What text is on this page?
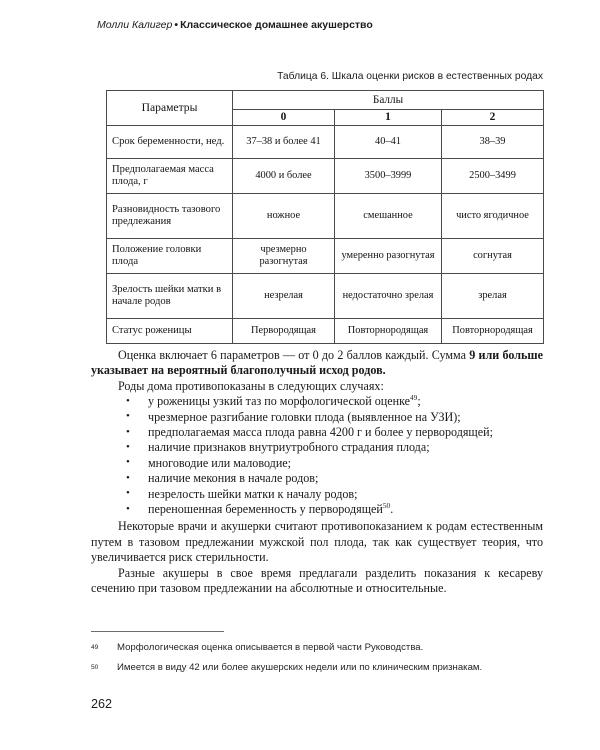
Молли Калигер • Классическое домашнее акушерство
Таблица 6. Шкала оценки рисков в естественных родах
Параметры	Баллы		
	0	1	2
Срок беременности, нед.	37–38 и более 41	40–41	38–39
Предполагаемая масса плода, г	4000 и более	3500–3999	2500–3499
Разновидность тазового предлежания	ножное	смешанное	чисто ягодичное
Положение головки плода	чрезмерно разогнутая	умеренно разогнутая	согнутая
Зрелость шейки матки в начале родов	незрелая	недостаточно зрелая	зрелая
Статус роженицы	Первородящая	Повторнородящая	Повторнородящая

Оценка включает 6 параметров — от 0 до 2 баллов каждый. Сумма 9 или больше указывает на вероятный благополучный исход родов.

Роды дома противопоказаны в следующих случаях:

• у роженицы узкий таз по морфологической оценке$^{49}$;
• чрезмерное разгибание головки плода (выявленное на УЗИ);
• предполагаемая масса плода равна 4200 г и более у первородящей;
• наличие признаков внутриутробного страдания плода;
• многоводие или маловодие;
• наличие мекония в начале родов;
• незрелость шейки матки к началу родов;
• переношенная беременность у первородящей$^{50}$.

Некоторые врачи и акушерки считают противопоказанием к родам естественным путем в тазовом предлежании мужской пол плода, так как существует теория, что увеличивается риск стерильности.

Разные акушеры в свое время предлагали разделить показания к кесареву сечению при тазовом предлежании на абсолютные и относительные.

49	Морфологическая оценка описывается в первой части Руководства.
50	Имеется в виду 42 или более акушерских недели или по клиническим признакам.
262
